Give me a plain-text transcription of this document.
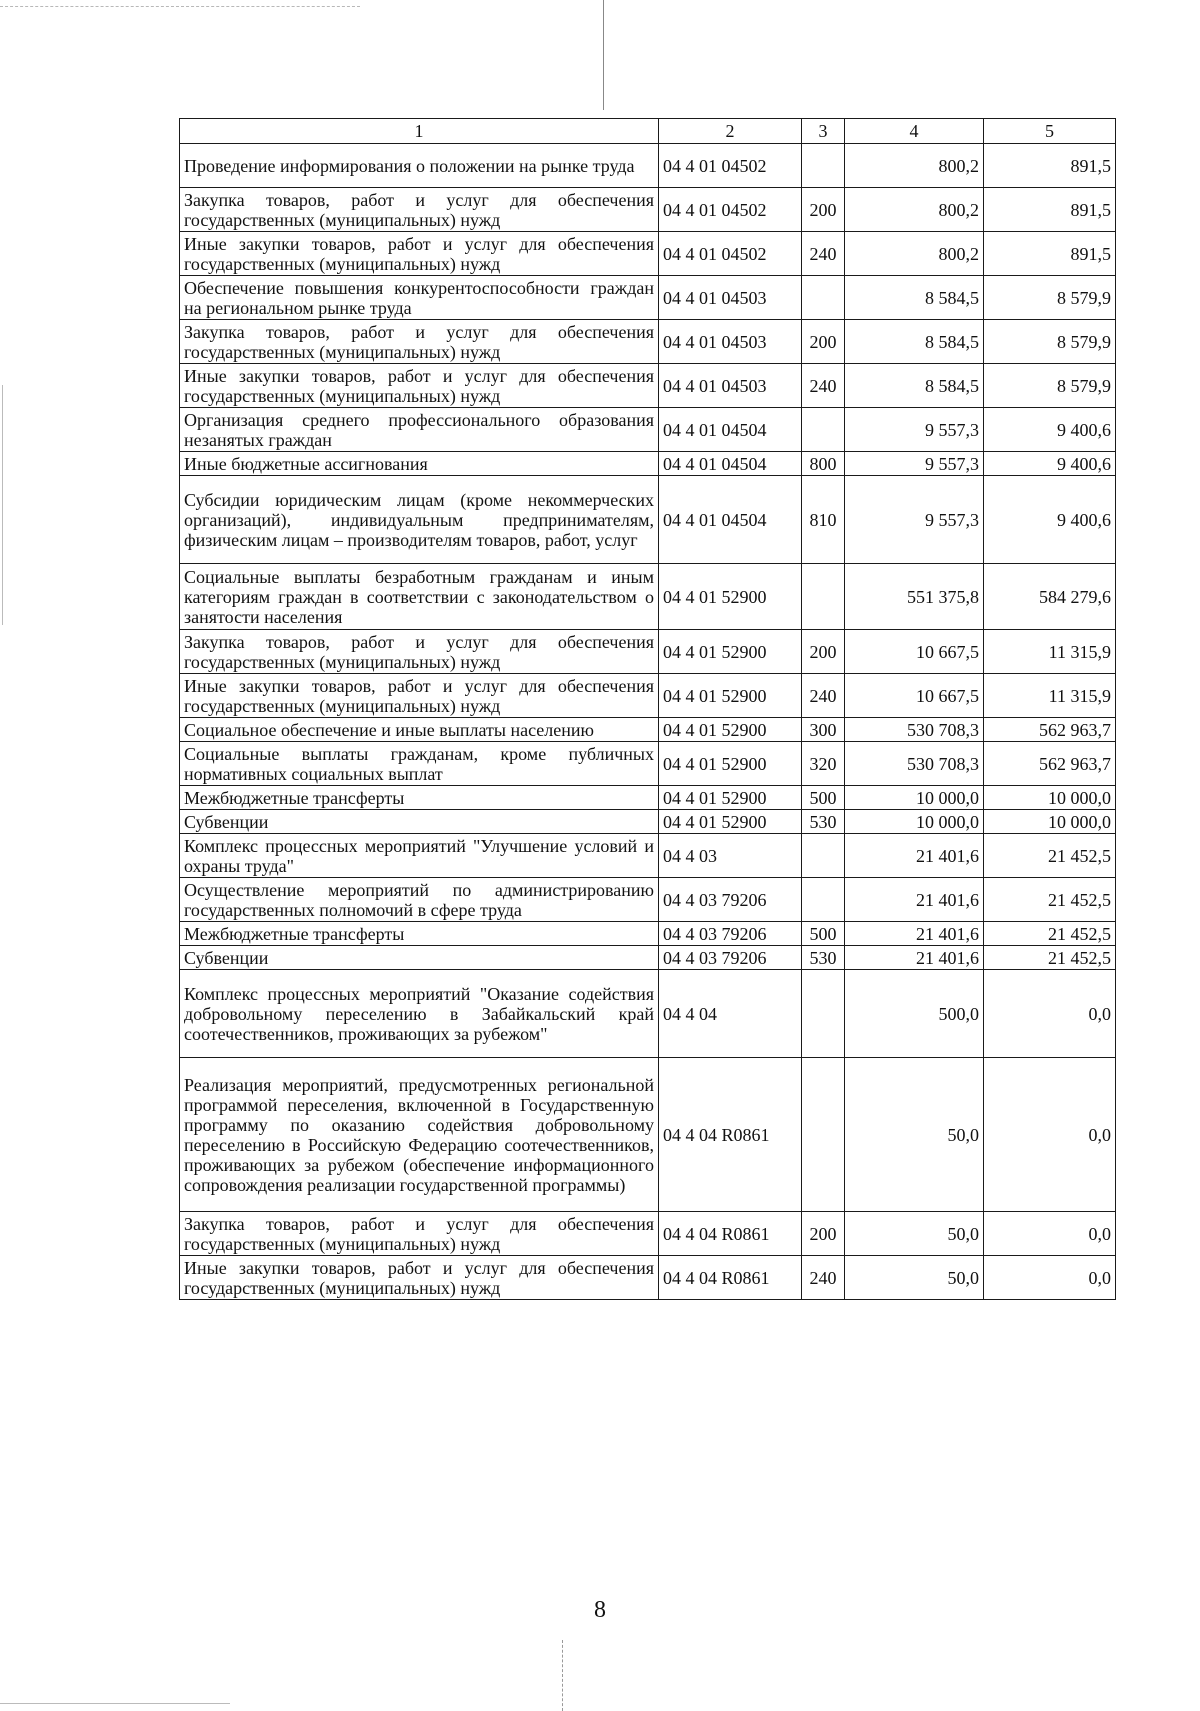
1	2	3	4	5
Проведение информирования о положении на рынке труда	04 4 01 04502		800,2	891,5
Закупка товаров, работ и услуг для обеспечения государственных (муниципальных) нужд	04 4 01 04502	200	800,2	891,5
Иные закупки товаров, работ и услуг для обеспечения государственных (муниципальных) нужд	04 4 01 04502	240	800,2	891,5
Обеспечение повышения конкурентоспособности граждан на региональном рынке труда	04 4 01 04503		8 584,5	8 579,9
Закупка товаров, работ и услуг для обеспечения государственных (муниципальных) нужд	04 4 01 04503	200	8 584,5	8 579,9
Иные закупки товаров, работ и услуг для обеспечения государственных (муниципальных) нужд	04 4 01 04503	240	8 584,5	8 579,9
Организация среднего профессионального образования незанятых граждан	04 4 01 04504		9 557,3	9 400,6
Иные бюджетные ассигнования	04 4 01 04504	800	9 557,3	9 400,6
Субсидии юридическим лицам (кроме некоммерческих организаций), индивидуальным предпринимателям, физическим лицам – производителям товаров, работ, услуг	04 4 01 04504	810	9 557,3	9 400,6
Социальные выплаты безработным гражданам и иным категориям граждан в соответствии с законодательством о занятости населения	04 4 01 52900		551 375,8	584 279,6
Закупка товаров, работ и услуг для обеспечения государственных (муниципальных) нужд	04 4 01 52900	200	10 667,5	11 315,9
Иные закупки товаров, работ и услуг для обеспечения государственных (муниципальных) нужд	04 4 01 52900	240	10 667,5	11 315,9
Социальное обеспечение и иные выплаты населению	04 4 01 52900	300	530 708,3	562 963,7
Социальные выплаты гражданам, кроме публичных нормативных социальных выплат	04 4 01 52900	320	530 708,3	562 963,7
Межбюджетные трансферты	04 4 01 52900	500	10 000,0	10 000,0
Субвенции	04 4 01 52900	530	10 000,0	10 000,0
Комплекс процессных мероприятий "Улучшение условий и охраны труда"	04 4 03		21 401,6	21 452,5
Осуществление мероприятий по администрированию государственных полномочий в сфере труда	04 4 03 79206		21 401,6	21 452,5
Межбюджетные трансферты	04 4 03 79206	500	21 401,6	21 452,5
Субвенции	04 4 03 79206	530	21 401,6	21 452,5
Комплекс процессных мероприятий "Оказание содействия добровольному переселению в Забайкальский край соотечественников, проживающих за рубежом"	04 4 04		500,0	0,0
Реализация мероприятий, предусмотренных региональной программой переселения, включенной в Государственную программу по оказанию содействия добровольному переселению в Российскую Федерацию соотечественников, проживающих за рубежом (обеспечение информационного сопровождения реализации государственной программы)	04 4 04 R0861		50,0	0,0
Закупка товаров, работ и услуг для обеспечения государственных (муниципальных) нужд	04 4 04 R0861	200	50,0	0,0
Иные закупки товаров, работ и услуг для обеспечения государственных (муниципальных) нужд	04 4 04 R0861	240	50,0	0,0
8
